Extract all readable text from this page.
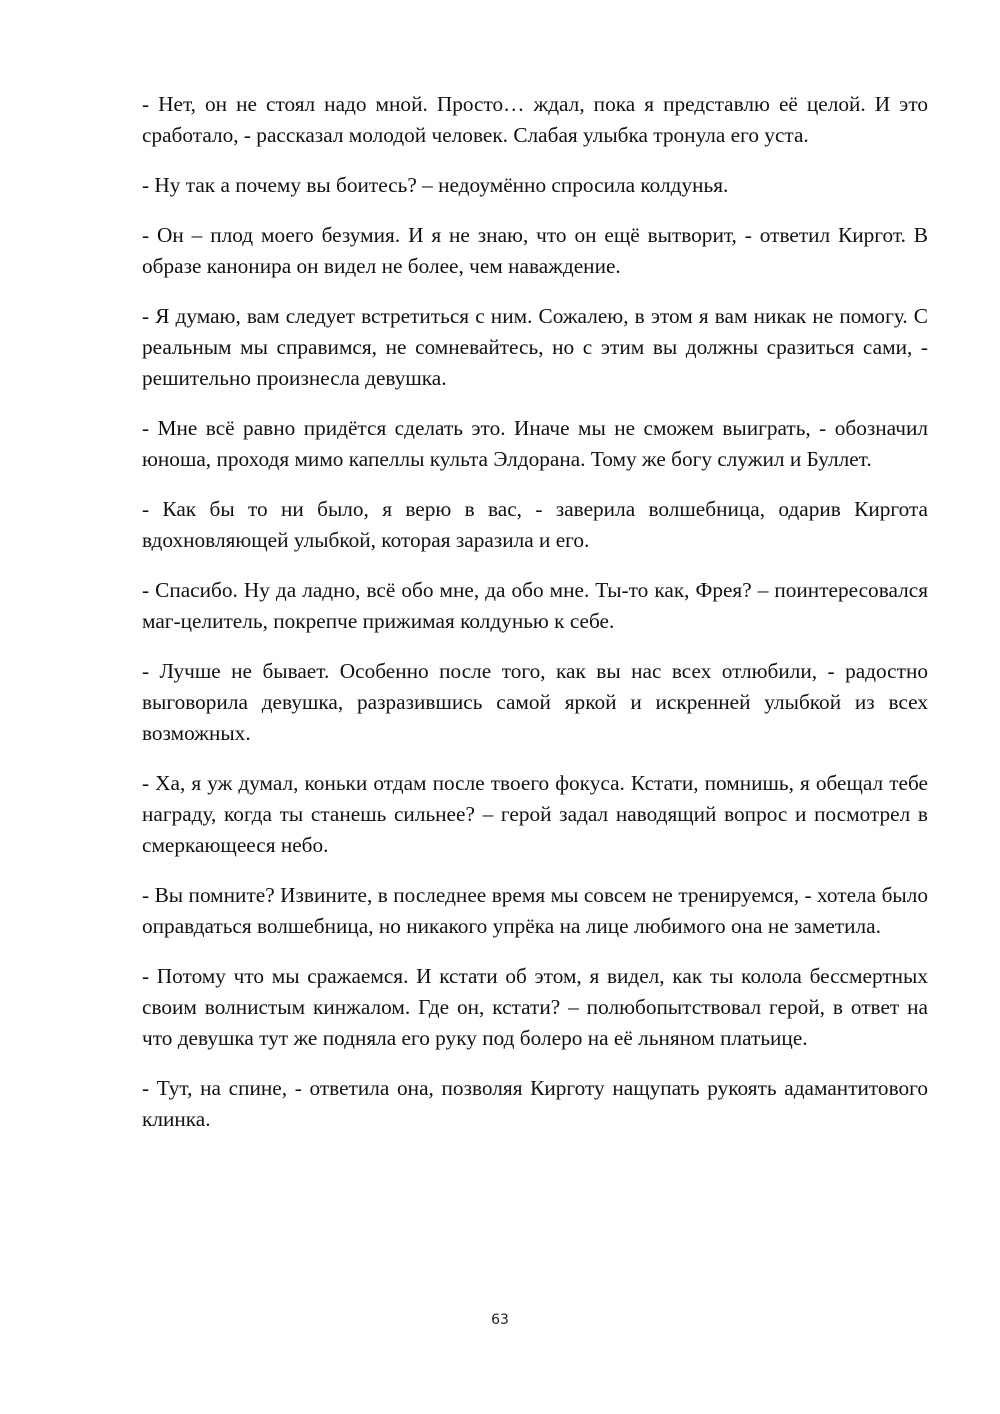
- Нет, он не стоял надо мной. Просто… ждал, пока я представлю её целой. И это сработало, - рассказал молодой человек. Слабая улыбка тронула его уста.

- Ну так а почему вы боитесь? – недоумённо спросила колдунья.

- Он – плод моего безумия. И я не знаю, что он ещё вытворит, - ответил Киргот. В образе канонира он видел не более, чем наваждение.

- Я думаю, вам следует встретиться с ним. Сожалею, в этом я вам никак не помогу. С реальным мы справимся, не сомневайтесь, но с этим вы должны сразиться сами, - решительно произнесла девушка.

- Мне всё равно придётся сделать это. Иначе мы не сможем выиграть, - обозначил юноша, проходя мимо капеллы культа Элдорана. Тому же богу служил и Буллет.

- Как бы то ни было, я верю в вас, - заверила волшебница, одарив Киргота вдохновляющей улыбкой, которая заразила и его.

- Спасибо. Ну да ладно, всё обо мне, да обо мне. Ты-то как, Фрея? – поинтересовался маг-целитель, покрепче прижимая колдунью к себе.

- Лучше не бывает. Особенно после того, как вы нас всех отлюбили, - радостно выговорила девушка, разразившись самой яркой и искренней улыбкой из всех возможных.

- Ха, я уж думал, коньки отдам после твоего фокуса. Кстати, помнишь, я обещал тебе награду, когда ты станешь сильнее? – герой задал наводящий вопрос и посмотрел в смеркающееся небо.

- Вы помните? Извините, в последнее время мы совсем не тренируемся, - хотела было оправдаться волшебница, но никакого упрёка на лице любимого она не заметила.

- Потому что мы сражаемся. И кстати об этом, я видел, как ты колола бессмертных своим волнистым кинжалом. Где он, кстати? – полюбопытствовал герой, в ответ на что девушка тут же подняла его руку под болеро на её льняном платьице.

- Тут, на спине, - ответила она, позволяя Кирготу нащупать рукоять адамантитового клинка.

63
